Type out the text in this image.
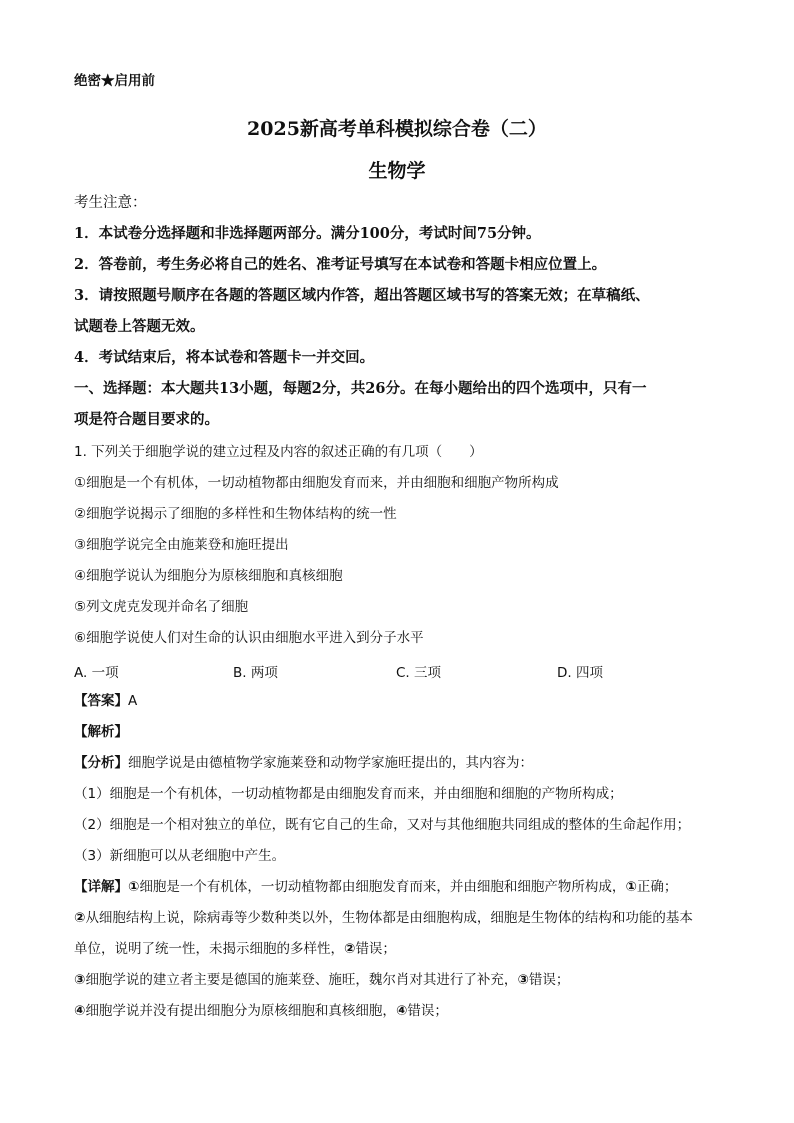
绝密★启用前
2025新高考单科模拟综合卷（二）
生物学
考生注意：
1．本试卷分选择题和非选择题两部分。满分100分，考试时间75分钟。
2．答卷前，考生务必将自己的姓名、准考证号填写在本试卷和答题卡相应位置上。
3．请按照题号顺序在各题的答题区域内作答，超出答题区域书写的答案无效；在草稿纸、
试题卷上答题无效。
4．考试结束后，将本试卷和答题卡一并交回。
一、选择题：本大题共13小题，每题2分，共26分。在每小题给出的四个选项中，只有一
项是符合题目要求的。
1. 下列关于细胞学说的建立过程及内容的叙述正确的有几项（　　）
①细胞是一个有机体，一切动植物都由细胞发育而来，并由细胞和细胞产物所构成
②细胞学说揭示了细胞的多样性和生物体结构的统一性
③细胞学说完全由施莱登和施旺提出
④细胞学说认为细胞分为原核细胞和真核细胞
⑤列文虎克发现并命名了细胞
⑥细胞学说使人们对生命的认识由细胞水平进入到分子水平
A. 一项	B. 两项	C. 三项	D. 四项
【答案】A
【解析】
【分析】细胞学说是由德植物学家施莱登和动物学家施旺提出的，其内容为：
（1）细胞是一个有机体，一切动植物都是由细胞发育而来，并由细胞和细胞的产物所构成；
（2）细胞是一个相对独立的单位，既有它自己的生命，又对与其他细胞共同组成的整体的生命起作用；
（3）新细胞可以从老细胞中产生。
【详解】①细胞是一个有机体，一切动植物都由细胞发育而来，并由细胞和细胞产物所构成，①正确；
②从细胞结构上说，除病毒等少数种类以外，生物体都是由细胞构成，细胞是生物体的结构和功能的基本
单位，说明了统一性，未揭示细胞的多样性，②错误；
③细胞学说的建立者主要是德国的施莱登、施旺，魏尔肖对其进行了补充，③错误；
④细胞学说并没有提出细胞分为原核细胞和真核细胞，④错误；
